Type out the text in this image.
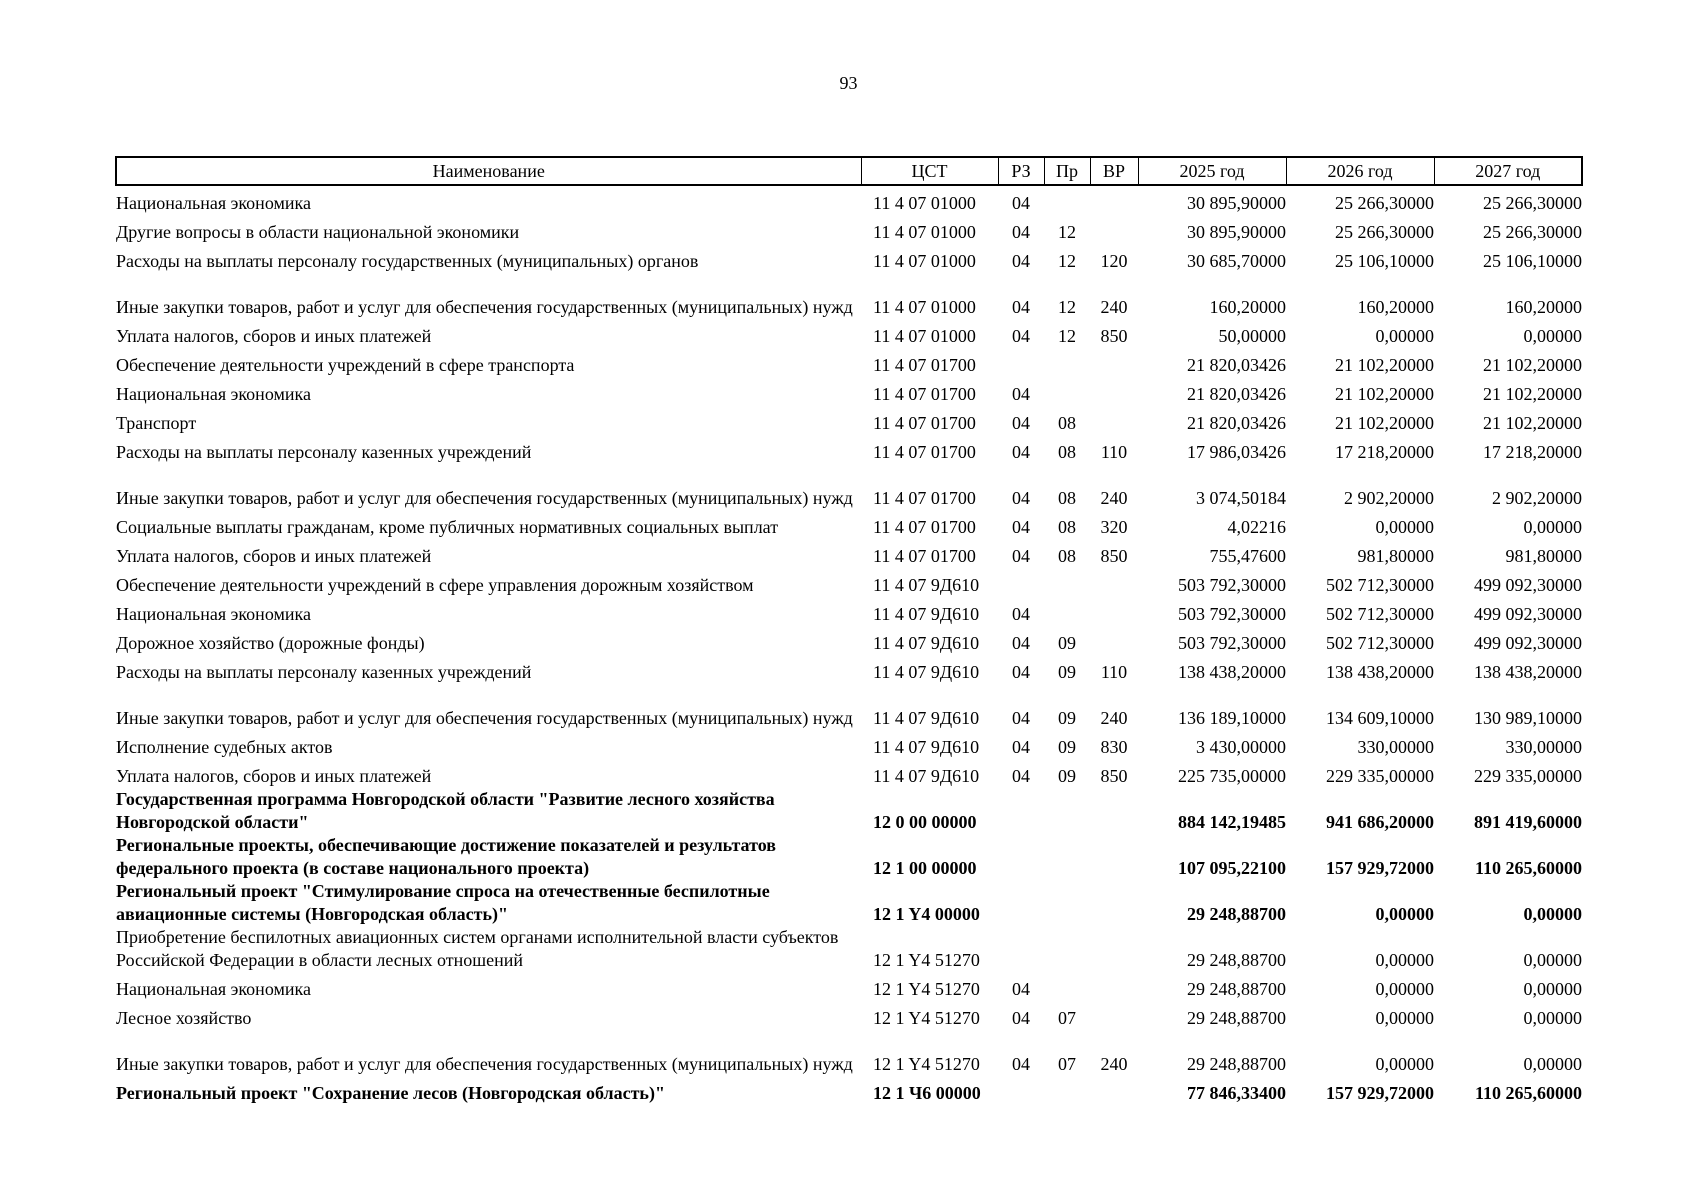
93
Наименование	ЦСТ	РЗ	Пр	ВР	2025 год	2026 год	2027 год
Национальная экономика	11 4 07 01000	04			30 895,90000	25 266,30000	25 266,30000
Другие вопросы в области национальной экономики	11 4 07 01000	04	12		30 895,90000	25 266,30000	25 266,30000
Расходы на выплаты персоналу государственных (муниципальных) органов	11 4 07 01000	04	12	120	30 685,70000	25 106,10000	25 106,10000
Иные закупки товаров, работ и услуг для обеспечения государственных (муниципальных) нужд	11 4 07 01000	04	12	240	160,20000	160,20000	160,20000
Уплата налогов, сборов и иных платежей	11 4 07 01000	04	12	850	50,00000	0,00000	0,00000
Обеспечение деятельности учреждений в сфере транспорта	11 4 07 01700				21 820,03426	21 102,20000	21 102,20000
Национальная экономика	11 4 07 01700	04			21 820,03426	21 102,20000	21 102,20000
Транспорт	11 4 07 01700	04	08		21 820,03426	21 102,20000	21 102,20000
Расходы на выплаты персоналу казенных учреждений	11 4 07 01700	04	08	110	17 986,03426	17 218,20000	17 218,20000
Иные закупки товаров, работ и услуг для обеспечения государственных (муниципальных) нужд	11 4 07 01700	04	08	240	3 074,50184	2 902,20000	2 902,20000
Социальные выплаты гражданам, кроме публичных нормативных социальных выплат	11 4 07 01700	04	08	320	4,02216	0,00000	0,00000
Уплата налогов, сборов и иных платежей	11 4 07 01700	04	08	850	755,47600	981,80000	981,80000
Обеспечение деятельности учреждений в сфере управления дорожным хозяйством	11 4 07 9Д610				503 792,30000	502 712,30000	499 092,30000
Национальная экономика	11 4 07 9Д610	04			503 792,30000	502 712,30000	499 092,30000
Дорожное хозяйство (дорожные фонды)	11 4 07 9Д610	04	09		503 792,30000	502 712,30000	499 092,30000
Расходы на выплаты персоналу казенных учреждений	11 4 07 9Д610	04	09	110	138 438,20000	138 438,20000	138 438,20000
Иные закупки товаров, работ и услуг для обеспечения государственных (муниципальных) нужд	11 4 07 9Д610	04	09	240	136 189,10000	134 609,10000	130 989,10000
Исполнение судебных актов	11 4 07 9Д610	04	09	830	3 430,00000	330,00000	330,00000
Уплата налогов, сборов и иных платежей	11 4 07 9Д610	04	09	850	225 735,00000	229 335,00000	229 335,00000
Государственная программа Новгородской области "Развитие лесного хозяйства Новгородской области"	12 0 00 00000				884 142,19485	941 686,20000	891 419,60000
Региональные проекты, обеспечивающие достижение показателей и результатов федерального проекта (в составе национального проекта)	12 1 00 00000				107 095,22100	157 929,72000	110 265,60000
Региональный проект "Стимулирование спроса на отечественные беспилотные авиационные системы (Новгородская область)"	12 1 Y4 00000				29 248,88700	0,00000	0,00000
Приобретение беспилотных авиационных систем органами исполнительной власти субъектов Российской Федерации в области лесных отношений	12 1 Y4 51270				29 248,88700	0,00000	0,00000
Национальная экономика	12 1 Y4 51270	04			29 248,88700	0,00000	0,00000
Лесное хозяйство	12 1 Y4 51270	04	07		29 248,88700	0,00000	0,00000
Иные закупки товаров, работ и услуг для обеспечения государственных (муниципальных) нужд	12 1 Y4 51270	04	07	240	29 248,88700	0,00000	0,00000
Региональный проект "Сохранение лесов (Новгородская область)"	12 1 Ч6 00000				77 846,33400	157 929,72000	110 265,60000
